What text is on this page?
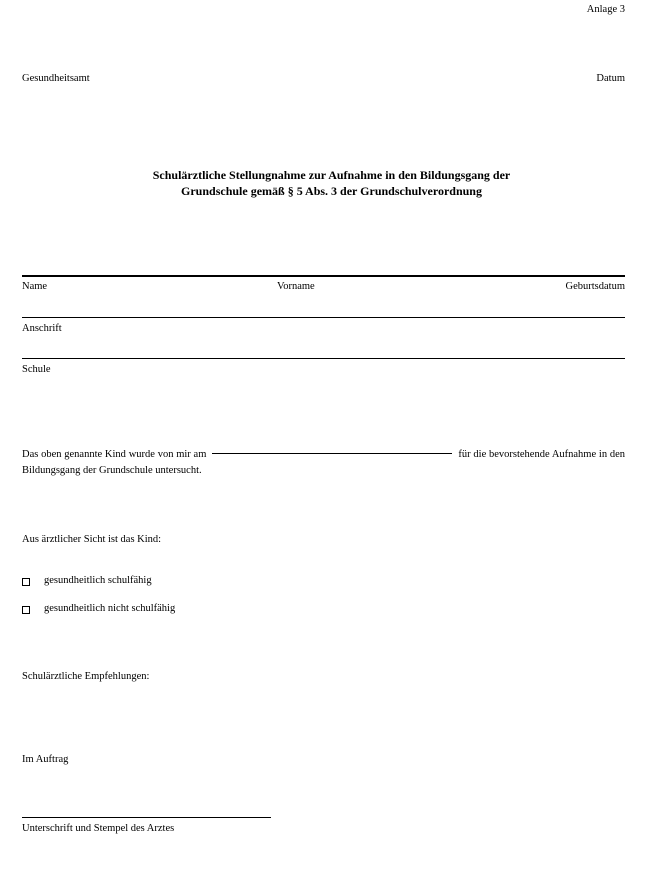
Anlage 3
Gesundheitsamt	Datum
Schulärztliche Stellungnahme zur Aufnahme in den Bildungsgang der
Grundschule gemäß § 5 Abs. 3 der Grundschulverordnung
Name	Vorname	Geburtsdatum
Anschrift
Schule
Das oben genannte Kind wurde von mir am	für die bevorstehende Aufnahme in den Bildungsgang der Grundschule untersucht.
Aus ärztlicher Sicht ist das Kind:
gesundheitlich schulfähig
gesundheitlich nicht schulfähig
Schulärztliche Empfehlungen:
Im Auftrag
Unterschrift und Stempel des Arztes
